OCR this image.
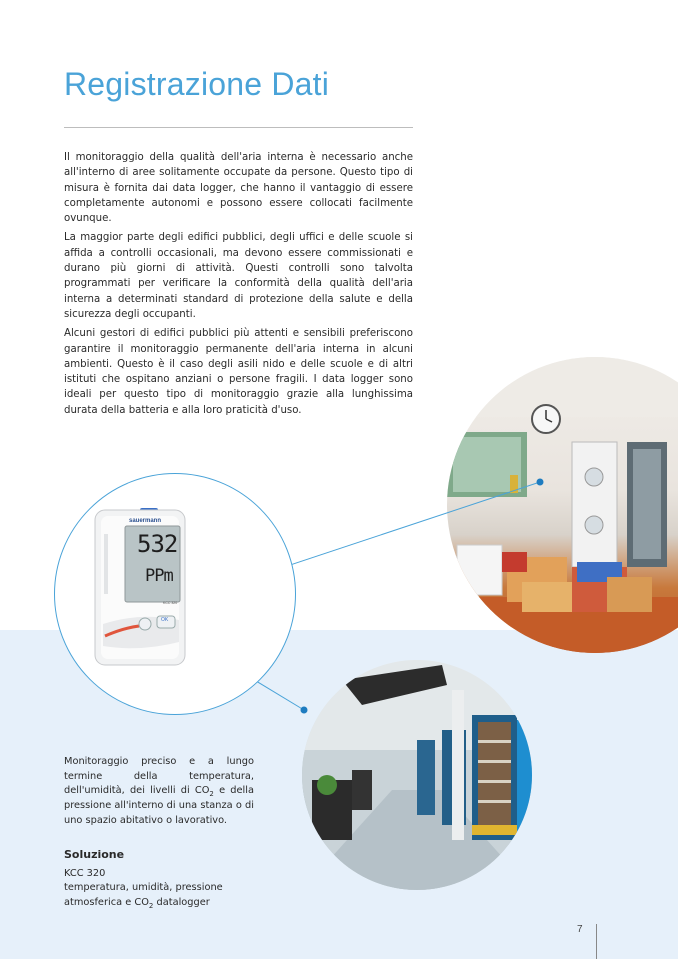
Registrazione Dati

Il monitoraggio della qualità dell'aria interna è necessario anche all'interno di aree solitamente occupate da persone. Questo tipo di misura è fornita dai data logger, che hanno il vantaggio di essere completamente autonomi e possono essere collocati facilmente ovunque.

La maggior parte degli edifici pubblici, degli uffici e delle scuole si affida a controlli occasionali, ma devono essere commissionati e durano più giorni di attività. Questi controlli sono talvolta programmati per verificare la conformità della qualità dell'aria interna a determinati standard di protezione della salute e della sicurezza degli occupanti.

Alcuni gestori di edifici pubblici più attenti e sensibili preferiscono garantire il monitoraggio permanente dell'aria interna in alcuni ambienti. Questo è il caso degli asili nido e delle scuole e di altri istituti che ospitano anziani o persone fragili. I data logger sono ideali per questo tipo di monitoraggio grazie alla lunghissima durata della batteria e alla loro praticità d'uso.

sauermann
532
PPm
KCC 320
OK
Monitoraggio preciso e a lungo termine della temperatura, dell'umidità, dei livelli di $CO_2$ e della pressione all'interno di una stanza o di uno spazio abitativo o lavorativo.
Soluzione
KCC 320
temperatura, umidità, pressione atmosferica e $CO_2$ datalogger
7
